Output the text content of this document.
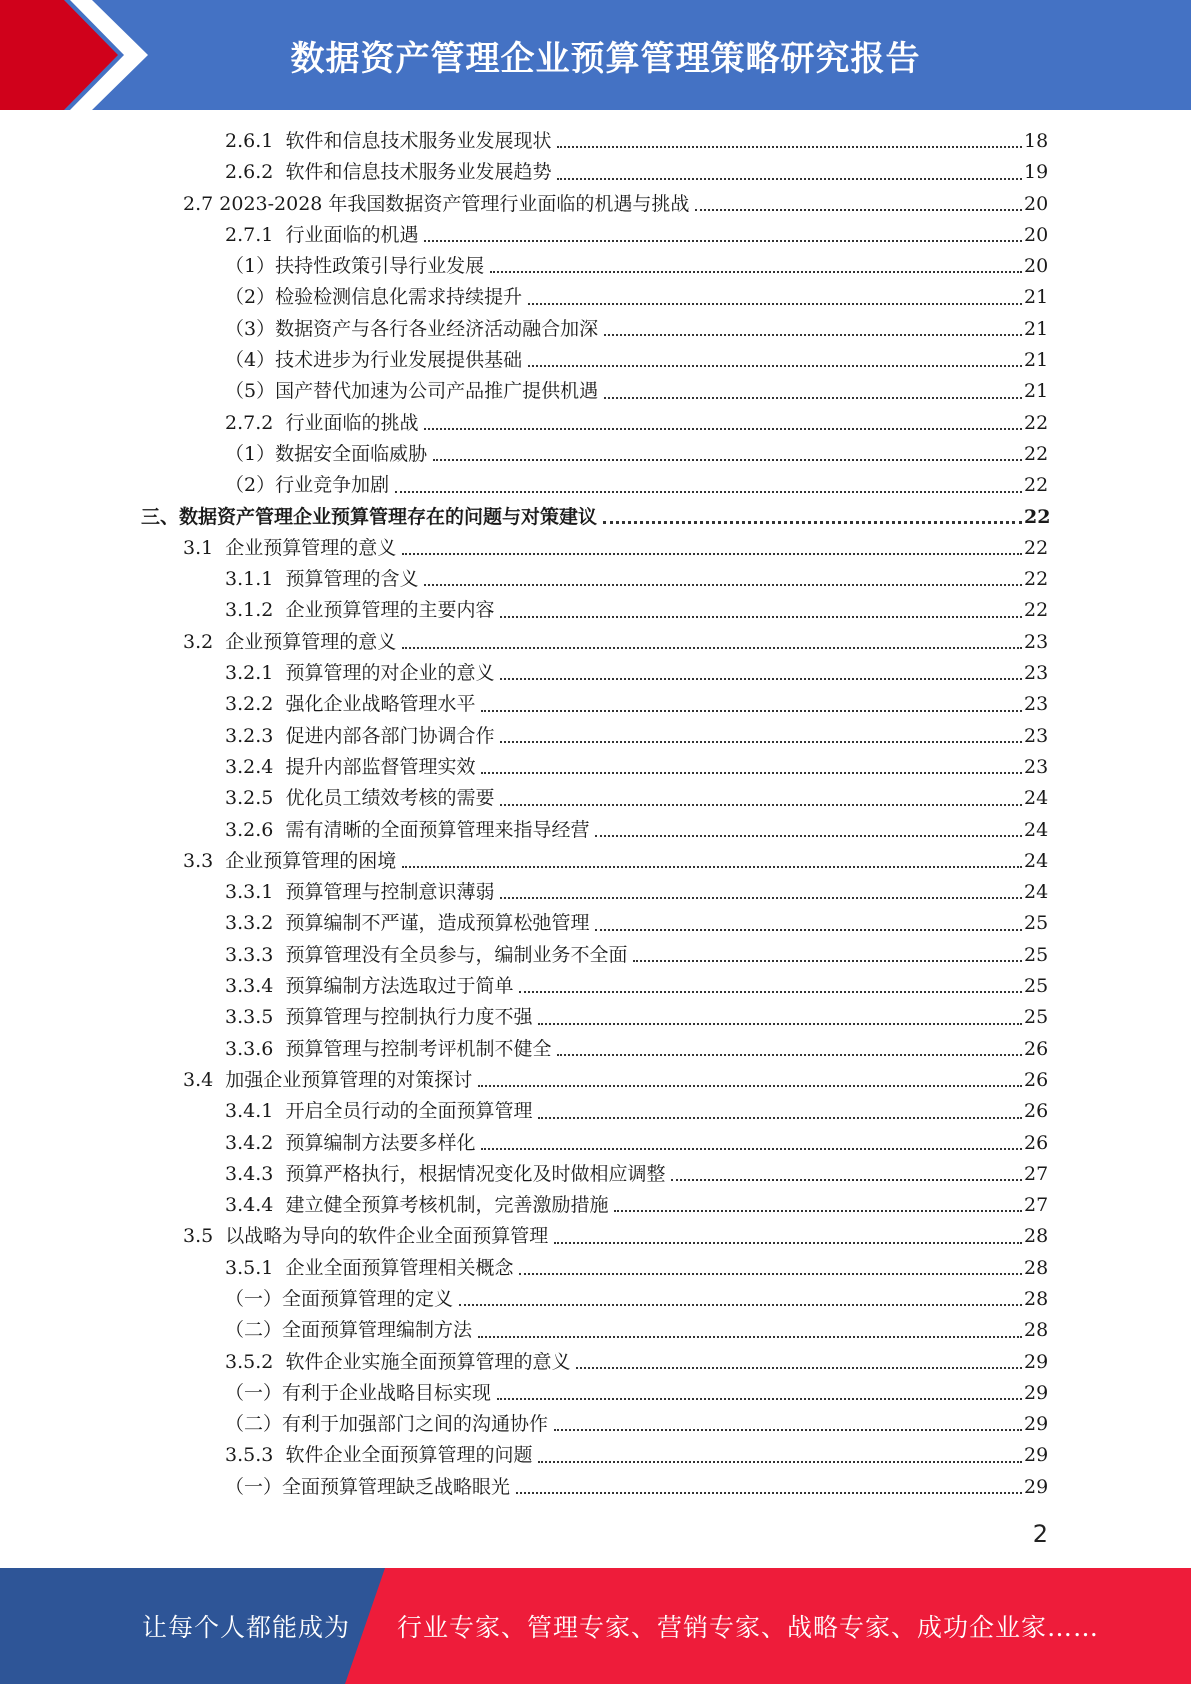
数据资产管理企业预算管理策略研究报告
2.6.1 软件和信息技术服务业发展现状	18
2.6.2 软件和信息技术服务业发展趋势	19
2.7 2023-2028 年我国数据资产管理行业面临的机遇与挑战	20
2.7.1 行业面临的机遇	20
（1） 扶持性政策引导行业发展	20
（2） 检验检测信息化需求持续提升	21
（3） 数据资产与各行各业经济活动融合加深	21
（4） 技术进步为行业发展提供基础	21
（5） 国产替代加速为公司产品推广提供机遇	21
2.7.2 行业面临的挑战	22
（1） 数据安全面临威胁	22
（2） 行业竞争加剧	22
三、 数据资产管理企业预算管理存在的问题与对策建议	22
3.1 企业预算管理的意义	22
3.1.1 预算管理的含义	22
3.1.2 企业预算管理的主要内容	22
3.2 企业预算管理的意义	23
3.2.1 预算管理的对企业的意义	23
3.2.2 强化企业战略管理水平	23
3.2.3 促进内部各部门协调合作	23
3.2.4 提升内部监督管理实效	23
3.2.5 优化员工绩效考核的需要	24
3.2.6 需有清晰的全面预算管理来指导经营	24
3.3 企业预算管理的困境	24
3.3.1 预算管理与控制意识薄弱	24
3.3.2 预算编制不严谨，造成预算松弛管理	25
3.3.3 预算管理没有全员参与，编制业务不全面	25
3.3.4 预算编制方法选取过于简单	25
3.3.5 预算管理与控制执行力度不强	25
3.3.6 预算管理与控制考评机制不健全	26
3.4 加强企业预算管理的对策探讨	26
3.4.1 开启全员行动的全面预算管理	26
3.4.2 预算编制方法要多样化	26
3.4.3 预算严格执行，根据情况变化及时做相应调整	27
3.4.4 建立健全预算考核机制，完善激励措施	27
3.5 以战略为导向的软件企业全面预算管理	28
3.5.1 企业全面预算管理相关概念	28
（一） 全面预算管理的定义	28
（二） 全面预算管理编制方法	28
3.5.2 软件企业实施全面预算管理的意义	29
（一） 有利于企业战略目标实现	29
（二） 有利于加强部门之间的沟通协作	29
3.5.3 软件企业全面预算管理的问题	29
（一） 全面预算管理缺乏战略眼光	29
2
让每个人都能成为 行业专家、管理专家、营销专家、战略专家、成功企业家……
